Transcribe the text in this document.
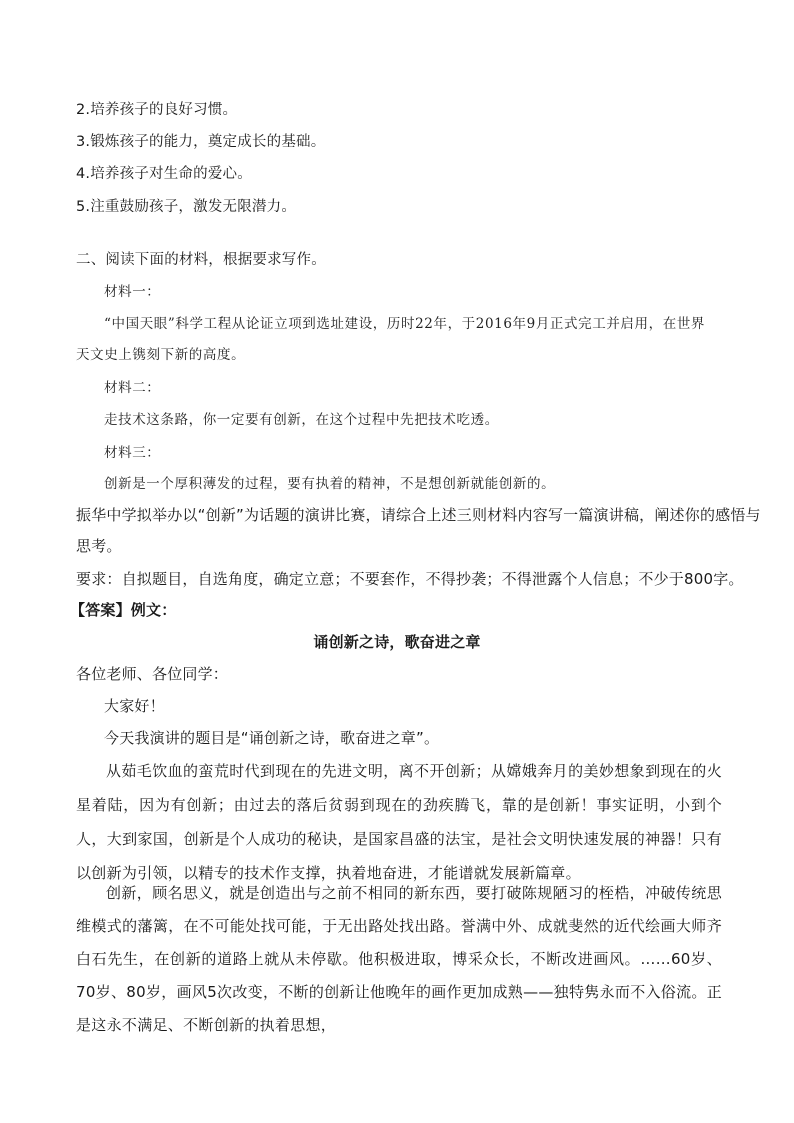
2.培养孩子的良好习惯。
3.锻炼孩子的能力，奠定成长的基础。
4.培养孩子对生命的爱心。
5.注重鼓励孩子，激发无限潜力。
二、阅读下面的材料，根据要求写作。
材料一：
“中国天眼”科学工程从论证立项到选址建设，历时22年，于2016年9月正式完工并启用，在世界
天文史上镌刻下新的高度。
材料二：
走技术这条路，你一定要有创新，在这个过程中先把技术吃透。
材料三：
创新是一个厚积薄发的过程，要有执着的精神，不是想创新就能创新的。
振华中学拟举办以“创新”为话题的演讲比赛，请综合上述三则材料内容写一篇演讲稿，阐述你的感悟与
思考。
要求：自拟题目，自选角度，确定立意；不要套作，不得抄袭；不得泄露个人信息；不少于800字。
【答案】例文：
诵创新之诗，歌奋进之章
各位老师、各位同学：
大家好！
今天我演讲的题目是“诵创新之诗，歌奋进之章”。
从茹毛饮血的蛮荒时代到现在的先进文明，离不开创新；从嫦娥奔月的美妙想象到现在的火星着陆，因为有创新；由过去的落后贫弱到现在的劲疾腾飞，靠的是创新！事实证明，小到个人，大到家国，创新是个人成功的秘诀，是国家昌盛的法宝，是社会文明快速发展的神器！只有以创新为引领，以精专的技术作支撑，执着地奋进，才能谱就发展新篇章。
创新，顾名思义，就是创造出与之前不相同的新东西，要打破陈规陋习的桎梏，冲破传统思维模式的藩篱，在不可能处找可能，于无出路处找出路。誉满中外、成就斐然的近代绘画大师齐白石先生，在创新的道路上就从未停歇。他积极进取，博采众长，不断改进画风。……60岁、70岁、80岁，画风5次改变，不断的创新让他晚年的画作更加成熟——独特隽永而不入俗流。正是这永不满足、不断创新的执着思想，
